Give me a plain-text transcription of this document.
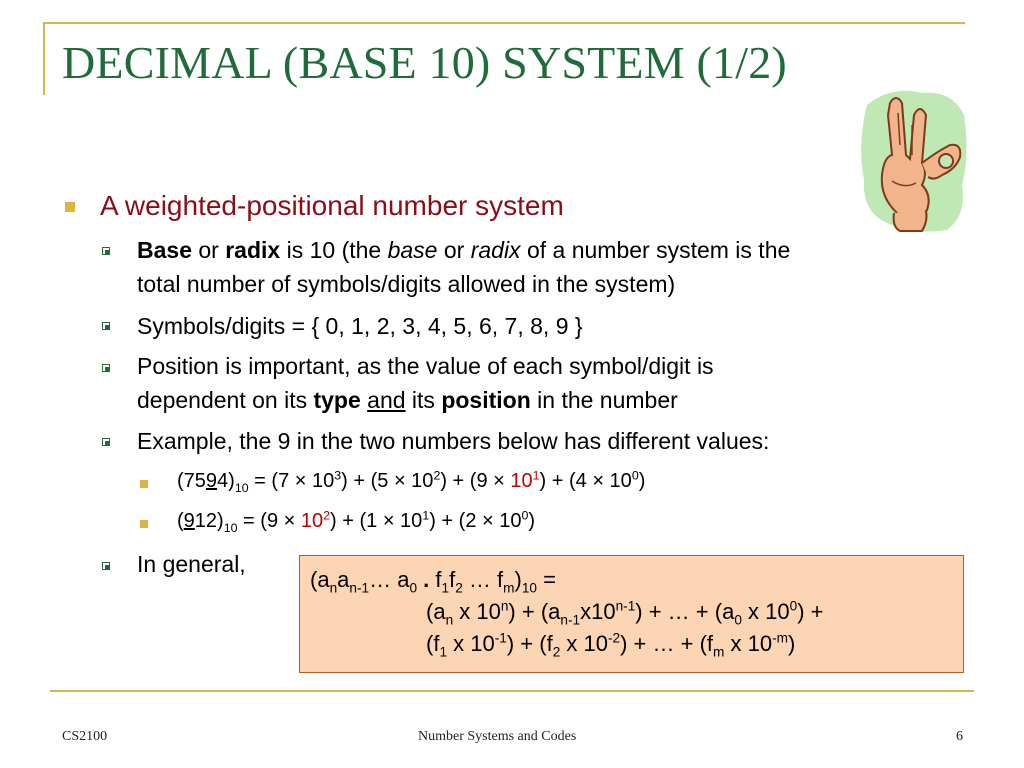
DECIMAL (BASE 10) SYSTEM (1/2)
A weighted-positional number system
Base or radix is 10 (the base or radix of a number system is the
total number of symbols/digits allowed in the system)
Symbols/digits = { 0, 1, 2, 3, 4, 5, 6, 7, 8, 9 }
Position is important, as the value of each symbol/digit is
dependent on its type and its position in the number
Example, the 9 in the two numbers below has different values:
$(7594)_{10} = (7 \times 10^3) + (5 \times 10^2) + (9 \times 10^1) + (4 \times 10^0)$
$(912)_{10} = (9 \times 10^2) + (1 \times 10^1) + (2 \times 10^0)$
In general,
($a_na_{n-1}\dots$ $a_0$ . $f_1f_2$ … $f_m)_{10}$ =
($a_n$ x $10^n) + (a_{n-1}x10^{n-1})$ + … + ($a_0$ x $10^0$) +
($f_1$ x $10^{-1}) + (f_2$ x $10^{-2}$) + … + ($f_m$ x $10^{-m}$)
CS2100	Number Systems and Codes	6
